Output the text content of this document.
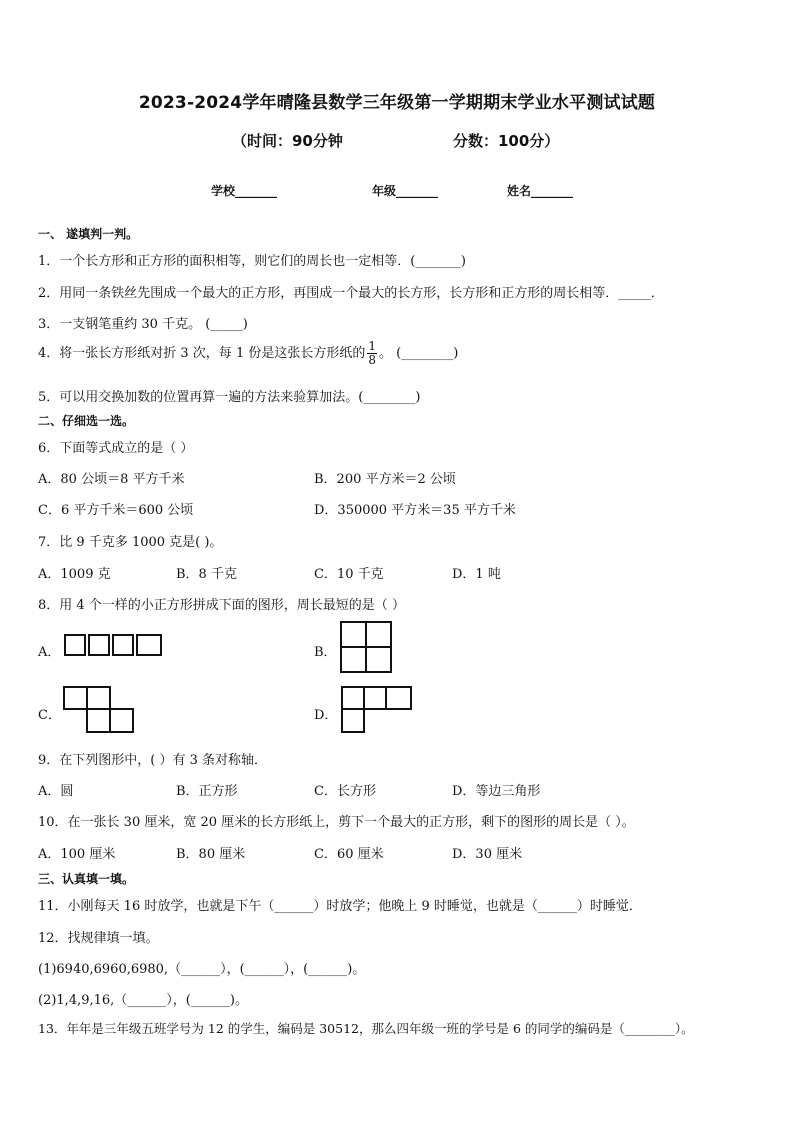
2023-2024学年晴隆县数学三年级第一学期期末学业水平测试试题
（时间：90分钟	分数：100分）
学校_______	年级_______	姓名_______
一、 遂填判一判。
1．一个长方形和正方形的面积相等，则它们的周长也一定相等．(_______)
2．用同一条铁丝先围成一个最大的正方形，再围成一个最大的长方形，长方形和正方形的周长相等．_____．
3．一支钢笔重约 30 千克。 (_____)
4．将一张长方形纸对折 3 次，每 1 份是这张长方形纸的 $\frac{1}{8}$ 。 (________)
5．可以用交换加数的位置再算一遍的方法来验算加法。(________)
二、仔细选一选。
6．下面等式成立的是（ ）
A．80 公顷＝8 平方千米	B．200 平方米＝2 公顷
C．6 平方千米＝600 公顷	D．350000 平方米＝35 平方千米
7．比 9 千克多 1000 克是( )。
A．1009 克	B．8 千克	C．10 千克	D．1 吨
8．用 4 个一样的小正方形拼成下面的图形，周长最短的是（ ）
A．	B．
C．	D．
9．在下列图形中，( ）有 3 条对称轴．
A．圆	B．正方形	C．长方形	D．等边三角形
10．在一张长 30 厘米，宽 20 厘米的长方形纸上，剪下一个最大的正方形，剩下的图形的周长是（ ）。
A．100 厘米	B．80 厘米	C．60 厘米	D．30 厘米
三、认真填一填。
11．小刚每天 16 时放学，也就是下午（______）时放学；他晚上 9 时睡觉，也就是（______）时睡觉．
12．找规律填一填。
(1)6940,6960,6980,（______），(______），(______)。
(2)1,4,9,16,（______），(______)。
13．年年是三年级五班学号为 12 的学生，编码是 30512，那么四年级一班的学号是 6 的同学的编码是（________）。
